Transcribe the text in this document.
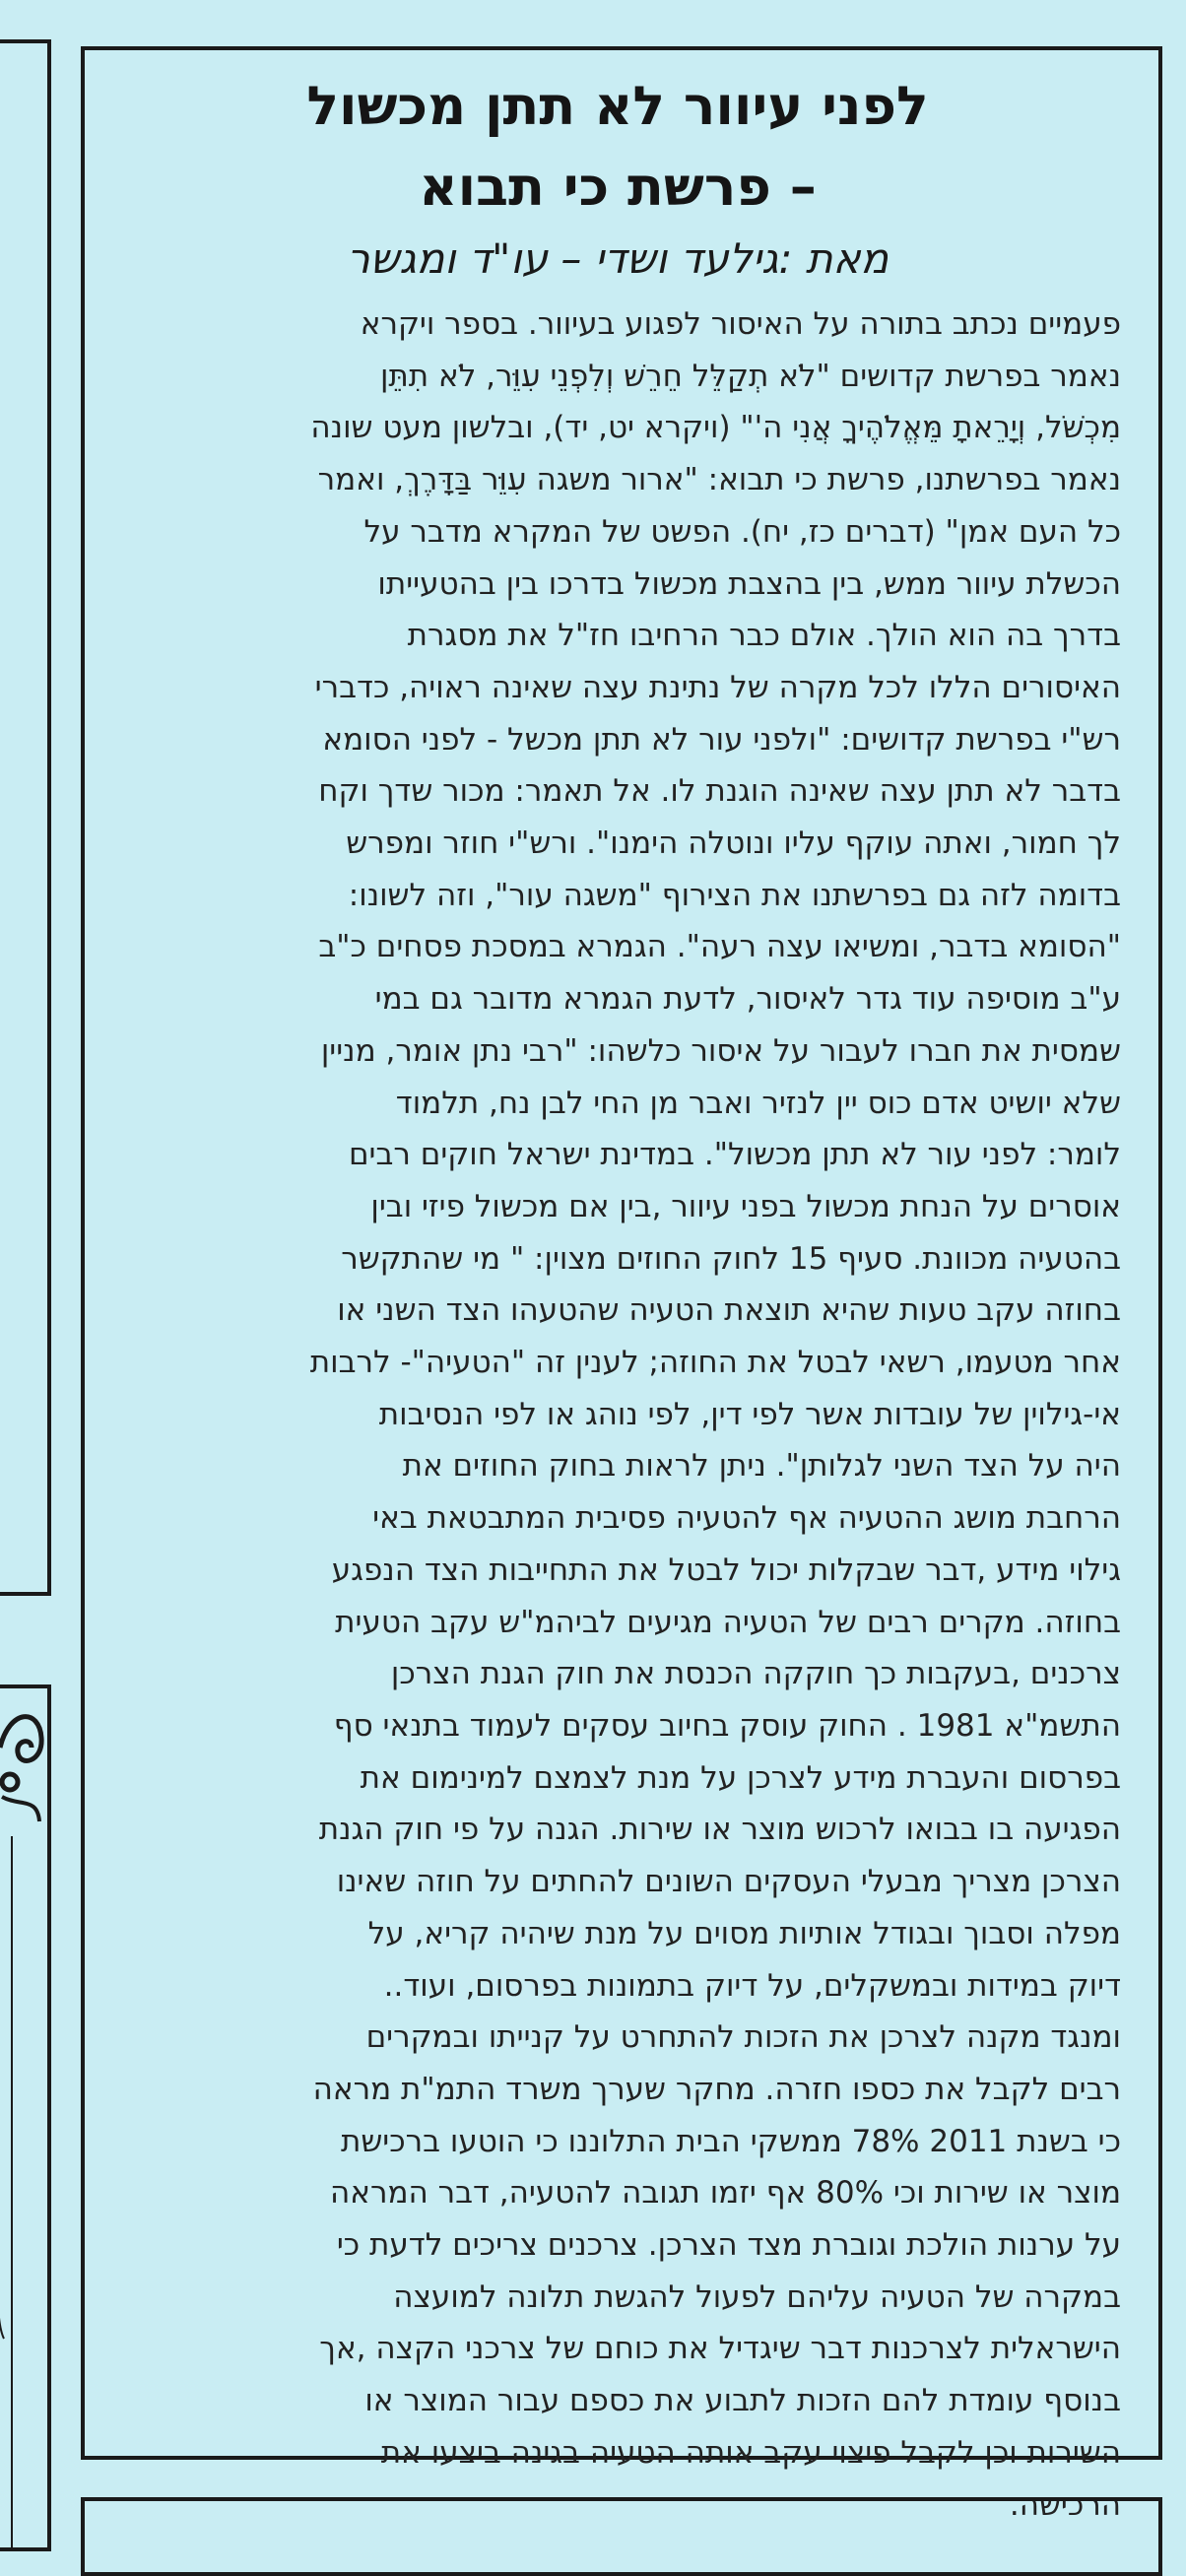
לפני עיוור לא תתן מכשול
– פרשת כי תבוא
מאת :גילעד ושדי – עו"ד ומגשר
פעמיים נכתב בתורה על האיסור לפגוע בעיוור. בספר ויקרא
נאמר בפרשת קדושים "לֹא תְקַלֵּל חֵרֵשׁ וְלִפְנֵי עִוֵּר, לֹא תִתֵּן
מִכְשֹׁל, וְיָרֵאתָ מֵּאֱלֹהֶיךָ אֲנִי ה'" (ויקרא יט, יד), ובלשון מעט שונה
נאמר בפרשתנו, פרשת כי תבוא: "ארור משגה עִוֵּר בַּדָּרֶךְ, ואמר
כל העם אמן" (דברים כז, יח). הפשט של המקרא מדבר על
הכשלת עיוור ממש, בין בהצבת מכשול בדרכו בין בהטעייתו
בדרך בה הוא הולך. אולם כבר הרחיבו חז"ל את מסגרת
האיסורים הללו לכל מקרה של נתינת עצה שאינה ראויה, כדברי
רש"י בפרשת קדושים: "ולפני עור לא תתן מכשל - לפני הסומא
בדבר לא תתן עצה שאינה הוגנת לו. אל תאמר: מכור שדך וקח
לך חמור, ואתה עוקף עליו ונוטלה הימנו". ורש"י חוזר ומפרש
בדומה לזה גם בפרשתנו את הצירוף "משגה עור", וזה לשונו:
"הסומא בדבר, ומשיאו עצה רעה". הגמרא במסכת פסחים כ"ב
ע"ב מוסיפה עוד גדר לאיסור, לדעת הגמרא מדובר גם במי
שמסית את חברו לעבור על איסור כלשהו: "רבי נתן אומר, מניין
שלא יושיט אדם כוס יין לנזיר ואבר מן החי לבן נח, תלמוד
לומר: לפני עור לא תתן מכשול". במדינת ישראל חוקים רבים
אוסרים על הנחת מכשול בפני עיוור ,בין אם מכשול פיזי ובין
בהטעיה מכוונת. סעיף 15 לחוק החוזים מצוין: " מי שהתקשר
בחוזה עקב טעות שהיא תוצאת הטעיה שהטעהו הצד השני או
אחר מטעמו, רשאי לבטל את החוזה; לענין זה "הטעיה"- לרבות
אי-גילוין של עובדות אשר לפי דין, לפי נוהג או לפי הנסיבות
היה על הצד השני לגלותן". ניתן לראות בחוק החוזים את
הרחבת מושג ההטעיה אף להטעיה פסיבית המתבטאת באי
גילוי מידע ,דבר שבקלות יכול לבטל את התחייבות הצד הנפגע
בחוזה. מקרים רבים של הטעיה מגיעים לביהמ"ש עקב הטעית
צרכנים ,בעקבות כך חוקקה הכנסת את חוק הגנת הצרכן
התשמ"א 1981 . החוק עוסק בחיוב עסקים לעמוד בתנאי סף
בפרסום והעברת מידע לצרכן על מנת לצמצם למינימום את
הפגיעה בו בבואו לרכוש מוצר או שירות. הגנה על פי חוק הגנת
הצרכן מצריך מבעלי העסקים השונים להחתים על חוזה שאינו
מפלה וסבוך ובגודל אותיות מסוים על מנת שיהיה קריא, על
דיוק במידות ובמשקלים, על דיוק בתמונות בפרסום, ועוד..
ומנגד מקנה לצרכן את הזכות להתחרט על קנייתו ובמקרים
רבים לקבל את כספו חזרה. מחקר שערך משרד התמ"ת מראה
כי בשנת 2011 78% ממשקי הבית התלוננו כי הוטעו ברכישת
מוצר או שירות וכי 80% אף יזמו תגובה להטעיה, דבר המראה
על ערנות הולכת וגוברת מצד הצרכן. צרכנים צריכים לדעת כי
במקרה של הטעיה עליהם לפעול להגשת תלונה למועצה
הישראלית לצרכנות דבר שיגדיל את כוחם של צרכני הקצה ,אך
בנוסף עומדת להם הזכות לתבוע את כספם עבור המוצר או
השירות וכן לקבל פיצוי עקב אותה הטעיה בגינה ביצעו את
הרכישה.
